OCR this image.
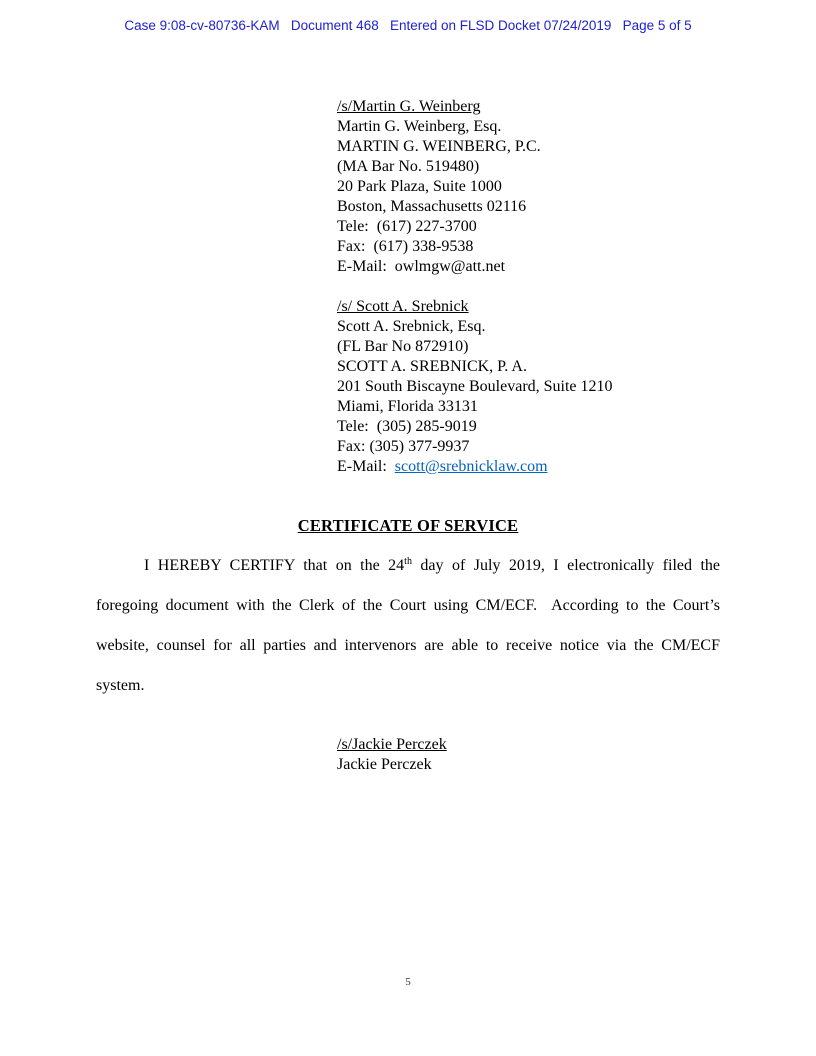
Case 9:08-cv-80736-KAM   Document 468   Entered on FLSD Docket 07/24/2019   Page 5 of 5
/s/Martin G. Weinberg
Martin G. Weinberg, Esq.
MARTIN G. WEINBERG, P.C.
(MA Bar No. 519480)
20 Park Plaza, Suite 1000
Boston, Massachusetts 02116
Tele:  (617) 227-3700
Fax:  (617) 338-9538
E-Mail:  owlmgw@att.net
/s/ Scott A. Srebnick
Scott A. Srebnick, Esq.
(FL Bar No 872910)
SCOTT A. SREBNICK, P. A.
201 South Biscayne Boulevard, Suite 1210
Miami, Florida 33131
Tele:  (305) 285-9019
Fax: (305) 377-9937
E-Mail:  scott@srebnicklaw.com
CERTIFICATE OF SERVICE
I HEREBY CERTIFY that on the 24th day of July 2019, I electronically filed the
foregoing document with the Clerk of the Court using CM/ECF.  According to the Court’s
website, counsel for all parties and intervenors are able to receive notice via the CM/ECF
system.
/s/Jackie Perczek
Jackie Perczek
5
